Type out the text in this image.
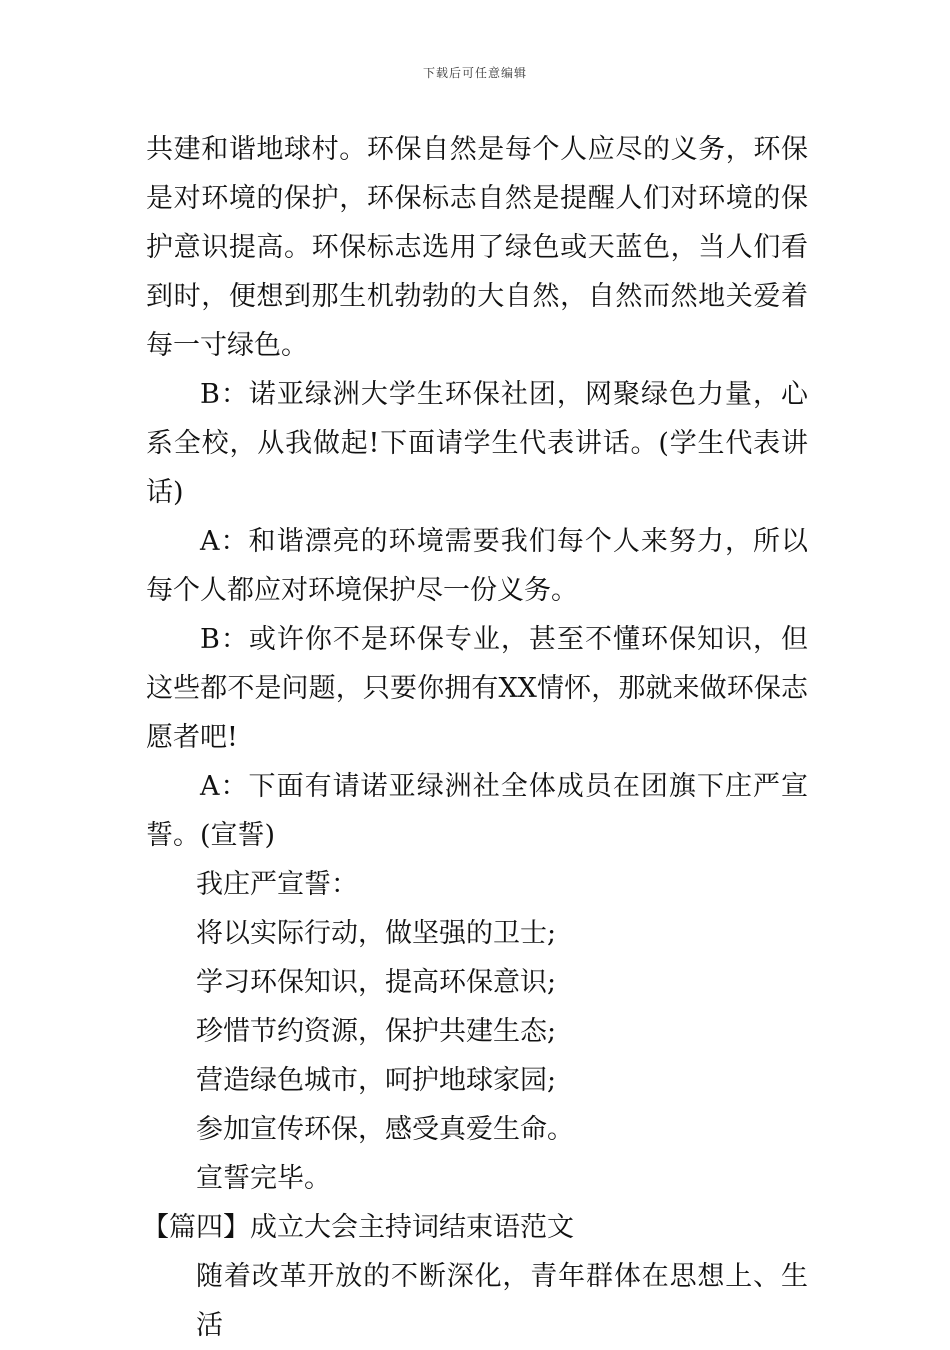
下载后可任意编辑

共建和谐地球村。环保自然是每个人应尽的义务，环保是对环境的保护，环保标志自然是提醒人们对环境的保护意识提高。环保标志选用了绿色或天蓝色，当人们看到时，便想到那生机勃勃的大自然，自然而然地关爱着每一寸绿色。

B：诺亚绿洲大学生环保社团，网聚绿色力量，心系全校，从我做起!下面请学生代表讲话。(学生代表讲话)

A：和谐漂亮的环境需要我们每个人来努力，所以每个人都应对环境保护尽一份义务。

B：或许你不是环保专业，甚至不懂环保知识，但这些都不是问题，只要你拥有XX情怀，那就来做环保志愿者吧!

A：下面有请诺亚绿洲社全体成员在团旗下庄严宣誓。(宣誓)

我庄严宣誓：

将以实际行动，做坚强的卫士;

学习环保知识，提高环保意识;

珍惜节约资源，保护共建生态;

营造绿色城市，呵护地球家园;

参加宣传环保，感受真爱生命。

宣誓完毕。

【篇四】成立大会主持词结束语范文

随着改革开放的不断深化，青年群体在思想上、生活
